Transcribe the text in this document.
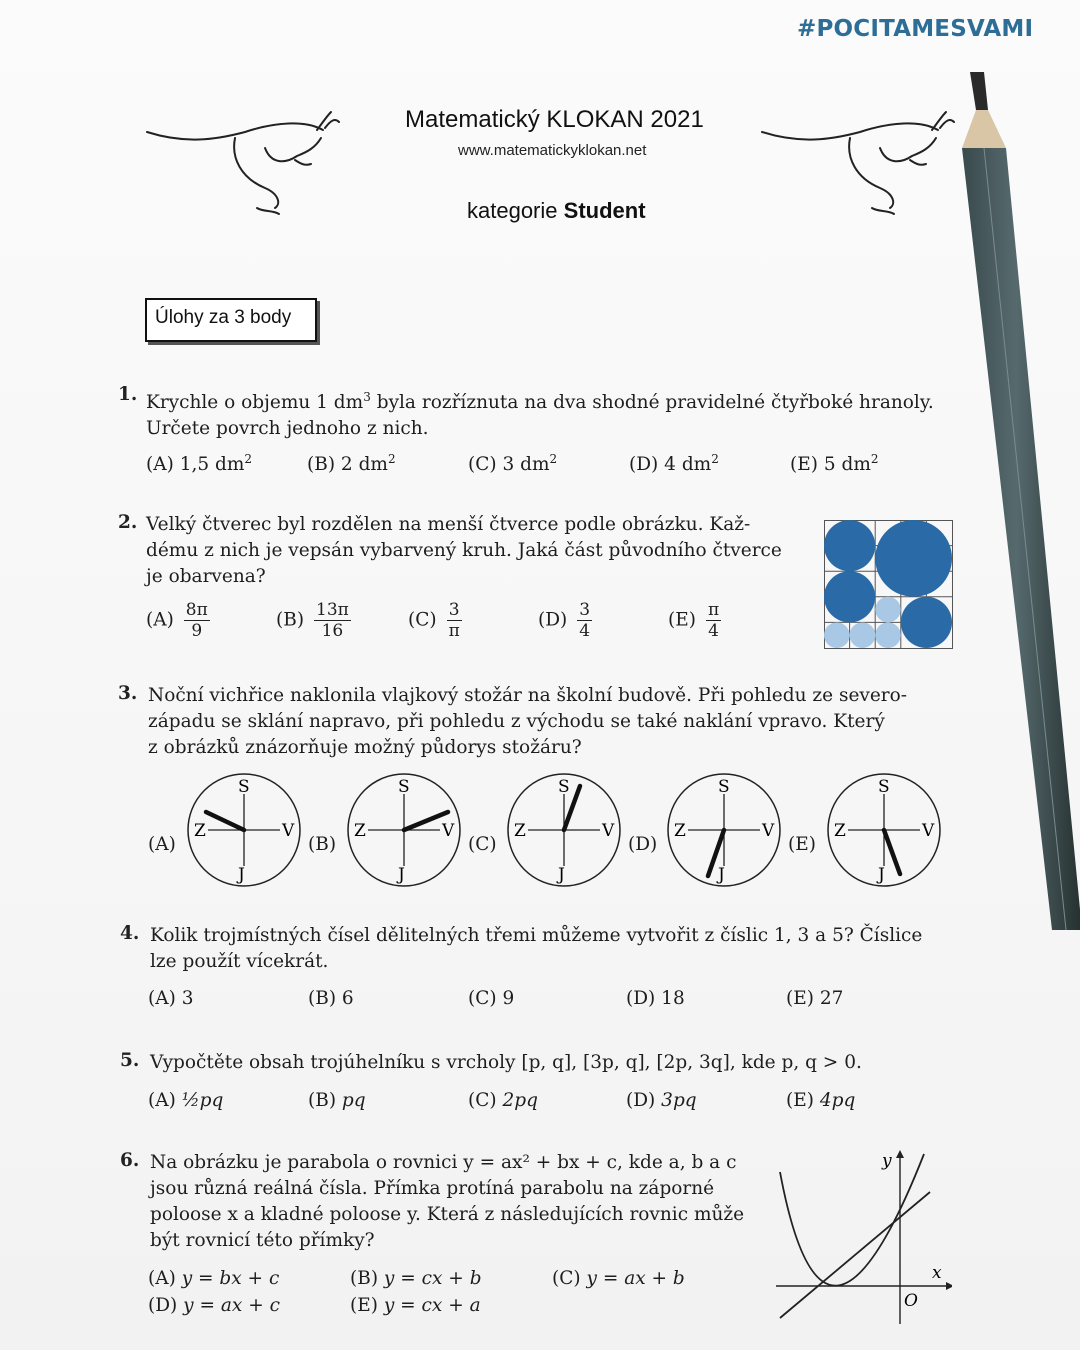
#POCITAMESVAMI
Matematický KLOKAN 2021
www.matematickyklokan.net
kategorie Student
Úlohy za 3 body
1. Krychle o objemu 1 $dm^3$ byla rozříznuta na dva shodné pravidelné čtyřboké hranoly.
Určete povrch jednoho z nich.
(A) 1,5 $dm^2$	(B) 2 $dm^2$	(C) 3 $dm^2$	(D) 4 $dm^2$	(E) 5 $dm^2$
2. Velký čtverec byl rozdělen na menší čtverce podle obrázku. Kaž-
dému z nich je vepsán vybarvený kruh. Jaká část původního čtverce
je obarvena?
$(A) \frac{8\pi}{9}$	$(B) \frac{13\pi}{16}$	$(C) \frac{3}{\pi}$	$(D) \frac{3}{4}$	$(E) \frac{\pi}{4}$
3. Noční vichřice naklonila vlajkový stožár na školní budově. Při pohledu ze severo-
západu se sklání napravo, při pohledu z východu se také naklání vpravo. Který
z obrázků znázorňuje možný půdorys stožáru?
(A)	(B)	(C)	(D)	(E)
S
J
Z	V
S
J
Z	V
S
J
Z	V
S
J
Z	V
S
J
Z	V
4. Kolik trojmístných čísel dělitelných třemi můžeme vytvořit z číslic 1, 3 a 5? Číslice
lze použít vícekrát.
(A) 3	(B) 6	(C) 9	(D) 18	(E) 27
5. Vypočtěte obsah trojúhelníku s vrcholy [p, q], [3p, q], [2p, 3q], kde p, q > 0.
(A) ½pq	(B) pq	(C) 2pq	(D) 3pq	(E) 4pq
6. Na obrázku je parabola o rovnici y = ax² + bx + c, kde a, b a c
jsou různá reálná čísla. Přímka protíná parabolu na záporné
poloose x a kladné poloose y. Která z následujících rovnic může
být rovnicí této přímky?
(A) y = bx + c	(B) y = cx + b	(C) y = ax + b
(D) y = ax + c	(E) y = cx + a
y
x
O
